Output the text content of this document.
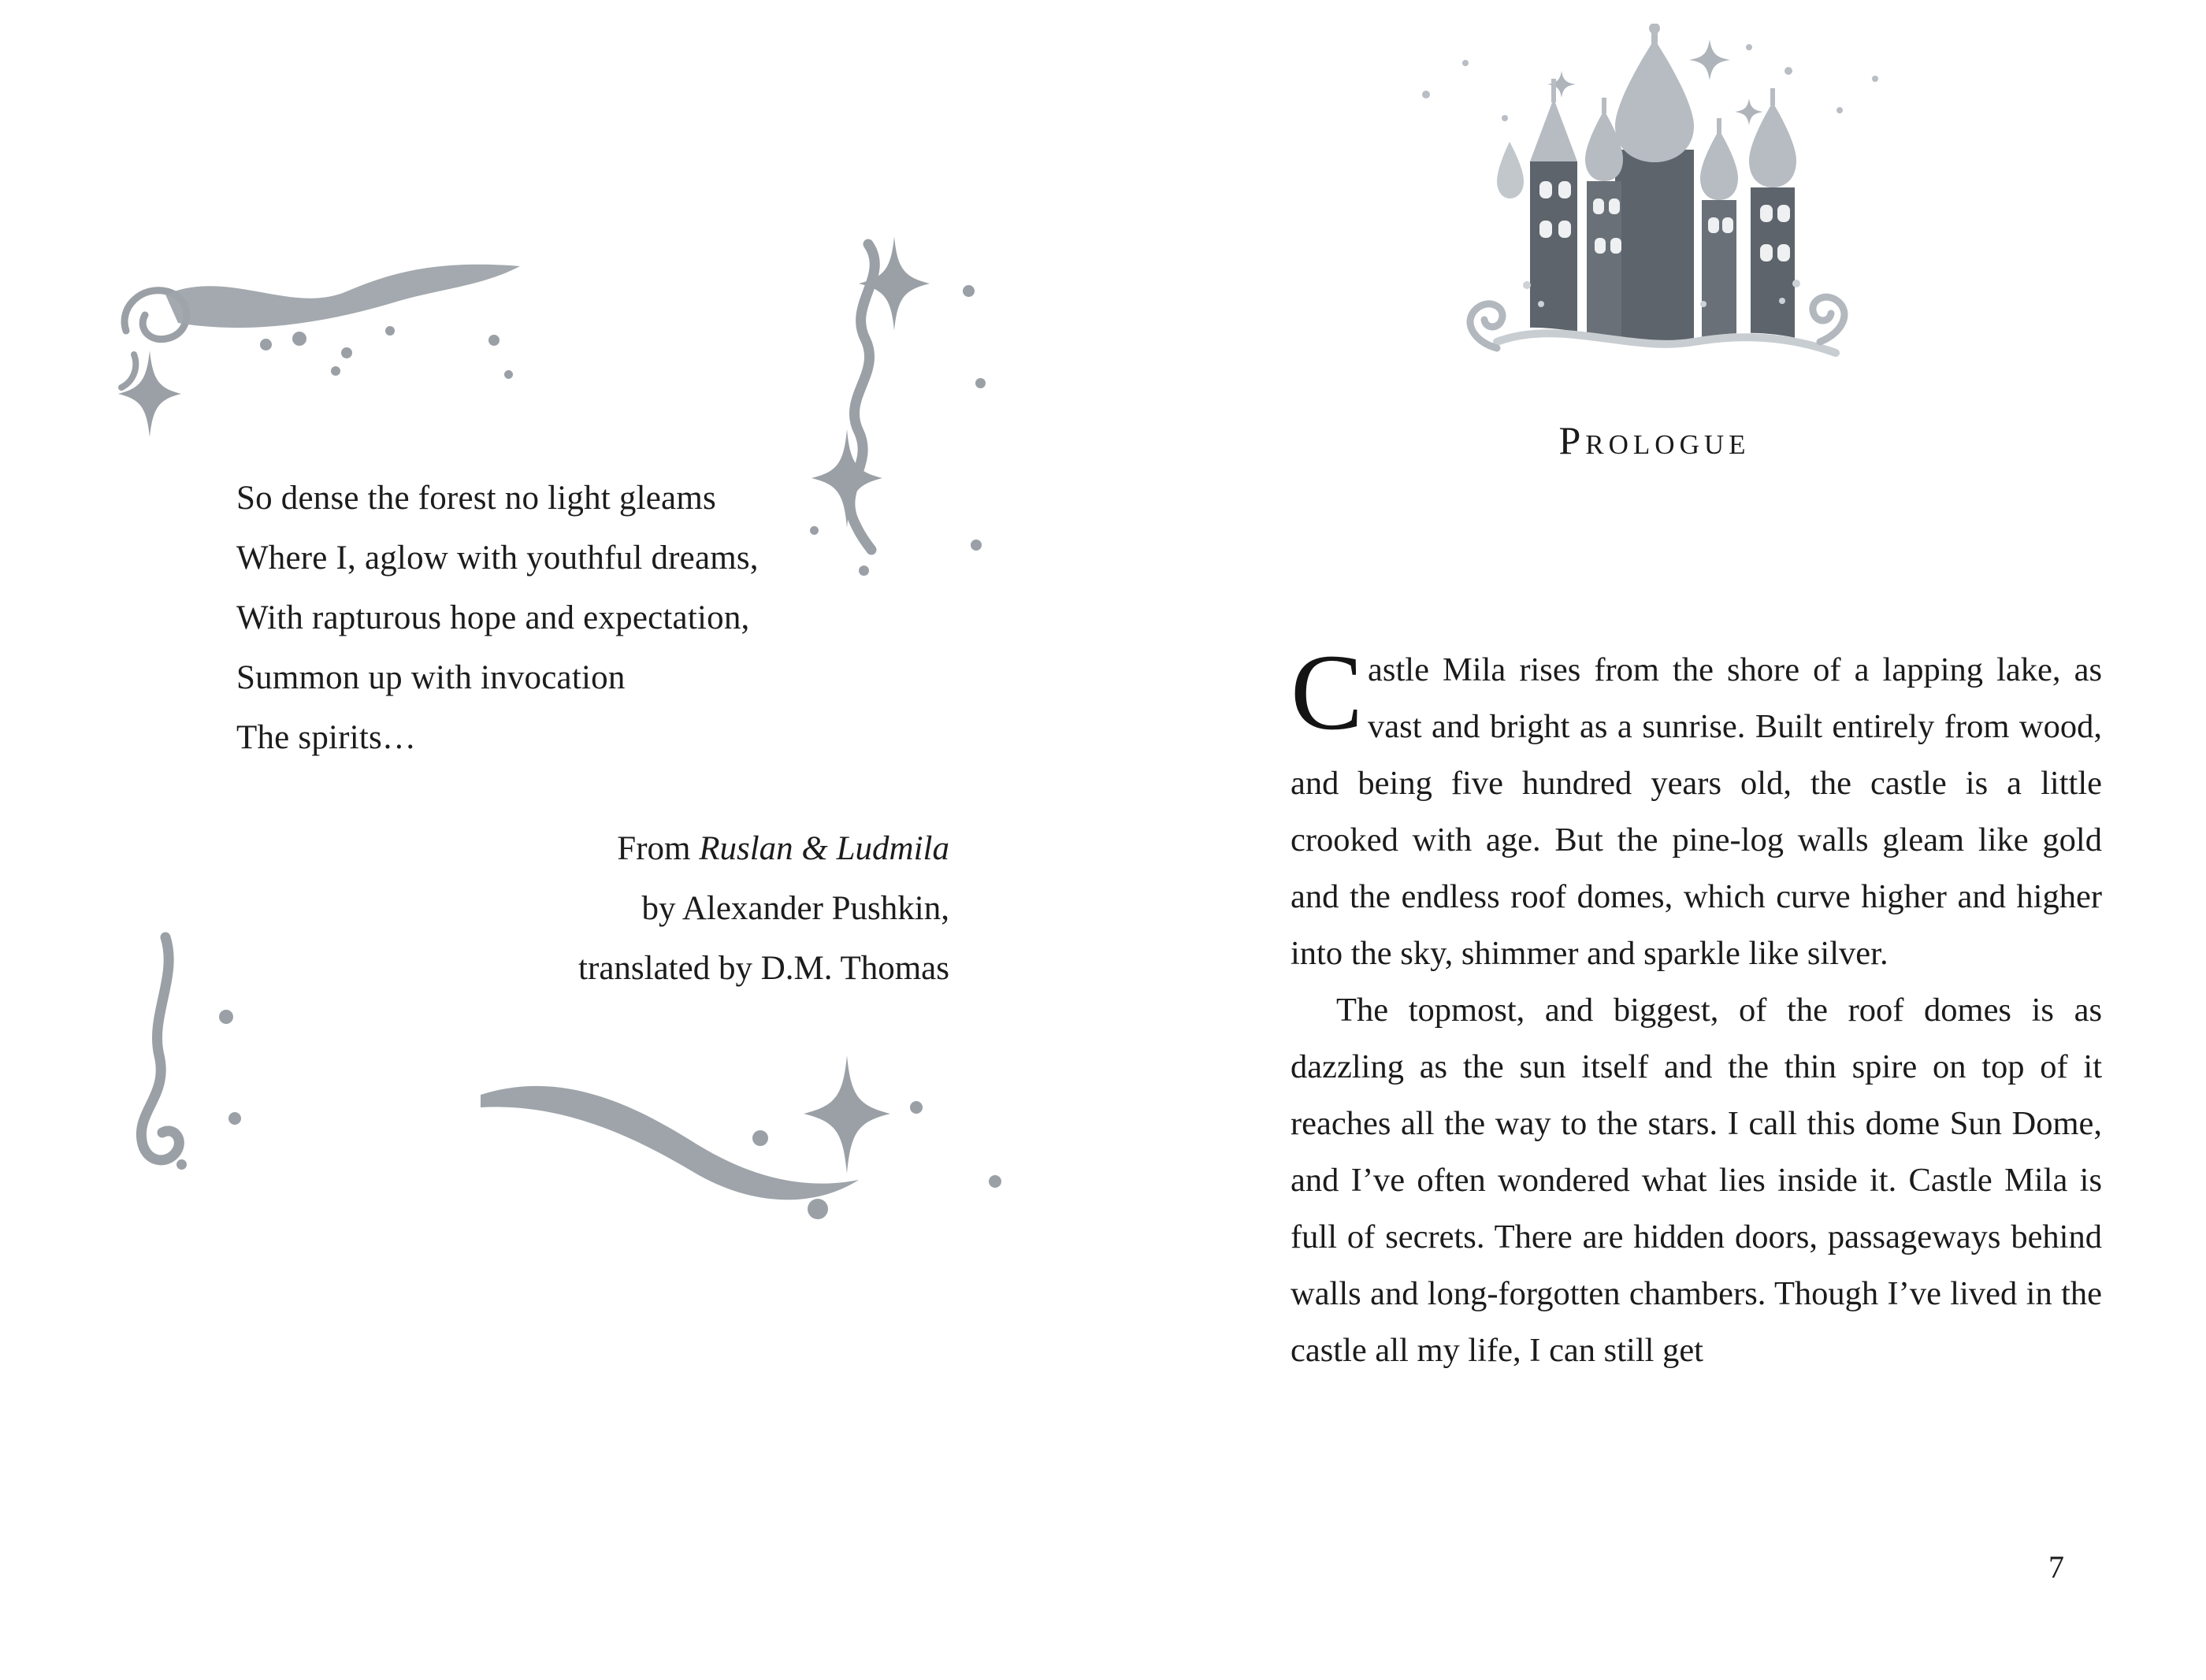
So dense the forest no light gleams
Where I, aglow with youthful dreams,
With rapturous hope and expectation,
Summon up with invocation
The spirits…
From Ruslan & Ludmila
by Alexander Pushkin,
translated by D.M. Thomas
Prologue

Castle Mila rises from the shore of a lapping lake, as vast and bright as a sunrise. Built entirely from wood, and being five hundred years old, the castle is a little crooked with age. But the pine-log walls gleam like gold and the endless roof domes, which curve higher and higher into the sky, shimmer and sparkle like silver.

The topmost, and biggest, of the roof domes is as dazzling as the sun itself and the thin spire on top of it reaches all the way to the stars. I call this dome Sun Dome, and I’ve often wondered what lies inside it. Castle Mila is full of secrets. There are hidden doors, passageways behind walls and long-forgotten chambers. Though I’ve lived in the castle all my life, I can still get

7
